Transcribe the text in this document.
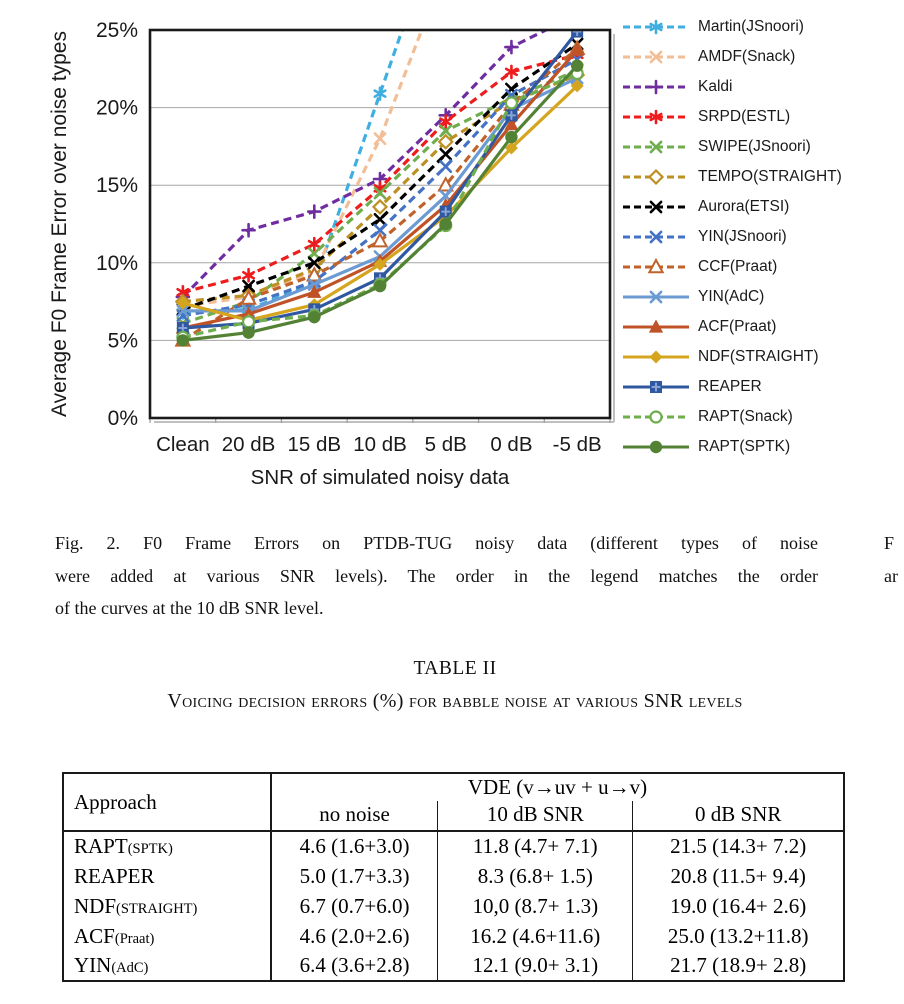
0%
5%
10%
15%
20%
25%
Clean 20 dB 15 dB 10 dB 5 dB 0 dB -5 dB
SNR of simulated noisy data
Average F0 Frame Error over noise types
Martin(JSnoori)
AMDF(Snack)
Kaldi
SRPD(ESTL)
SWIPE(JSnoori)
TEMPO(STRAIGHT)
Aurora(ETSI)
YIN(JSnoori)
CCF(Praat)
YIN(AdC)
ACF(Praat)
NDF(STRAIGHT)
REAPER
RAPT(Snack)
RAPT(SPTK)
Fig. 2. F0 Frame Errors on PTDB-TUG noisy data (different types of noise
were added at various SNR levels). The order in the legend matches the order
of the curves at the 10 dB SNR level.
F
ar
TABLE II
Voicing decision errors (%) for babble noise at various SNR levels
Approach	VDE (v→uv + u→v)		
	no noise	10 dB SNR	0 dB SNR
RAPT(SPTK)	4.6 (1.6+3.0)	11.8 (4.7+ 7.1)	21.5 (14.3+ 7.2)
REAPER	5.0 (1.7+3.3)	8.3 (6.8+ 1.5)	20.8 (11.5+ 9.4)
NDF(STRAIGHT)	6.7 (0.7+6.0)	10,0 (8.7+ 1.3)	19.0 (16.4+ 2.6)
ACF(Praat)	4.6 (2.0+2.6)	16.2 (4.6+11.6)	25.0 (13.2+11.8)
YIN(AdC)	6.4 (3.6+2.8)	12.1 (9.0+ 3.1)	21.7 (18.9+ 2.8)
